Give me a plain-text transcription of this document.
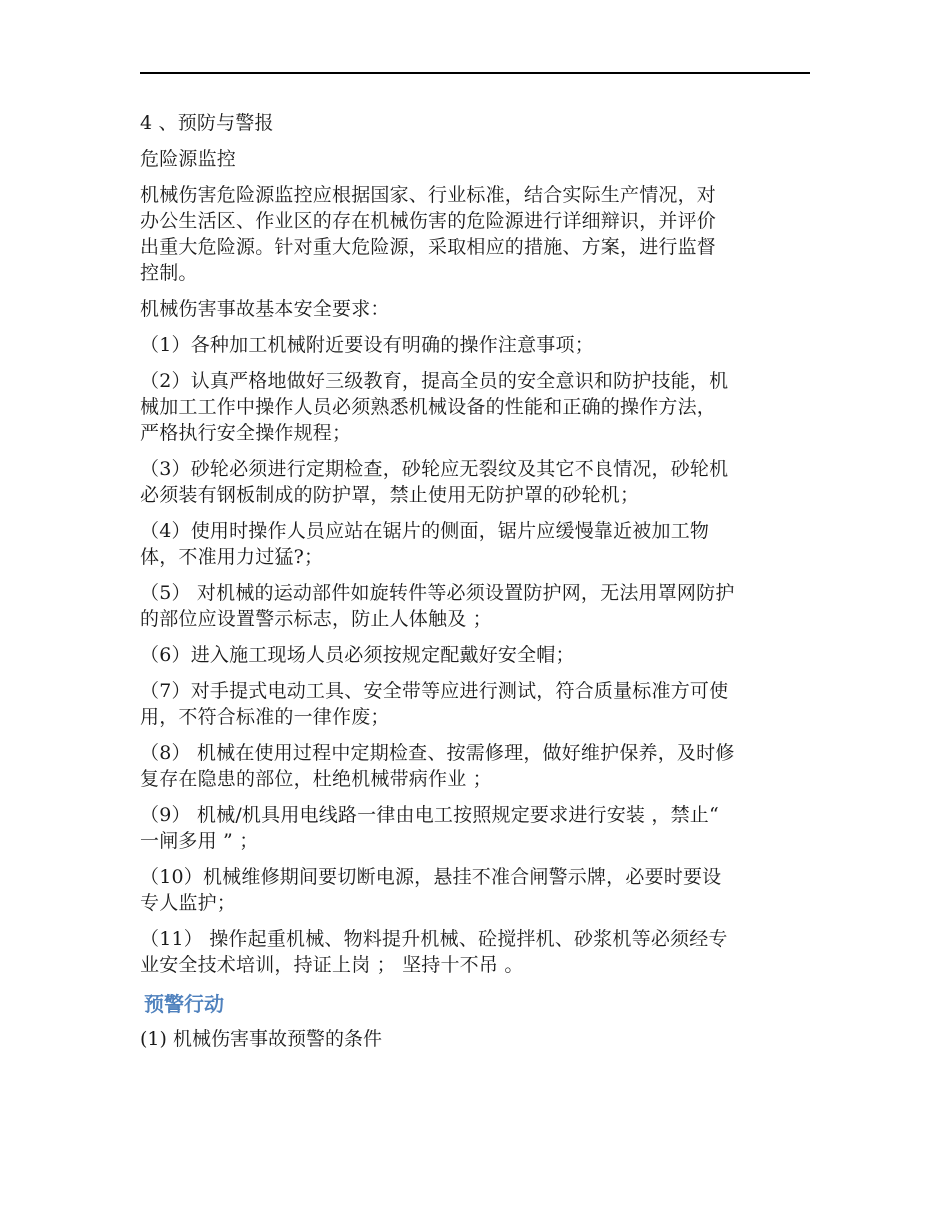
4 、预防与警报

危险源监控

机械伤害危险源监控应根据国家、行业标准，结合实际生产情况，对
办公生活区、作业区的存在机械伤害的危险源进行详细辩识，并评价
出重大危险源。针对重大危险源，采取相应的措施、方案，进行监督
控制。

机械伤害事故基本安全要求：

（1）各种加工机械附近要设有明确的操作注意事项；

（2）认真严格地做好三级教育，提高全员的安全意识和防护技能，机
械加工工作中操作人员必须熟悉机械设备的性能和正确的操作方法，
严格执行安全操作规程；

（3）砂轮必须进行定期检查，砂轮应无裂纹及其它不良情况，砂轮机
必须装有钢板制成的防护罩，禁止使用无防护罩的砂轮机；

（4）使用时操作人员应站在锯片的侧面，锯片应缓慢靠近被加工物
体，不准用力过猛?；

（5） 对机械的运动部件如旋转件等必须设置防护网，无法用罩网防护
的部位应设置警示标志，防止人体触及 ；

（6）进入施工现场人员必须按规定配戴好安全帽；

（7）对手提式电动工具、安全带等应进行测试，符合质量标准方可使
用，不符合标准的一律作废；

（8） 机械在使用过程中定期检查、按需修理，做好维护保养，及时修
复存在隐患的部位，杜绝机械带病作业 ；

（9） 机械/机具用电线路一律由电工按照规定要求进行安装 ，禁止“
一闸多用 ” ；

（10）机械维修期间要切断电源，悬挂不准合闸警示牌，必要时要设
专人监护；

（11） 操作起重机械、物料提升机械、砼搅拌机、砂浆机等必须经专
业安全技术培训，持证上岗 ； 坚持十不吊 。

预警行动

(1) 机械伤害事故预警的条件
